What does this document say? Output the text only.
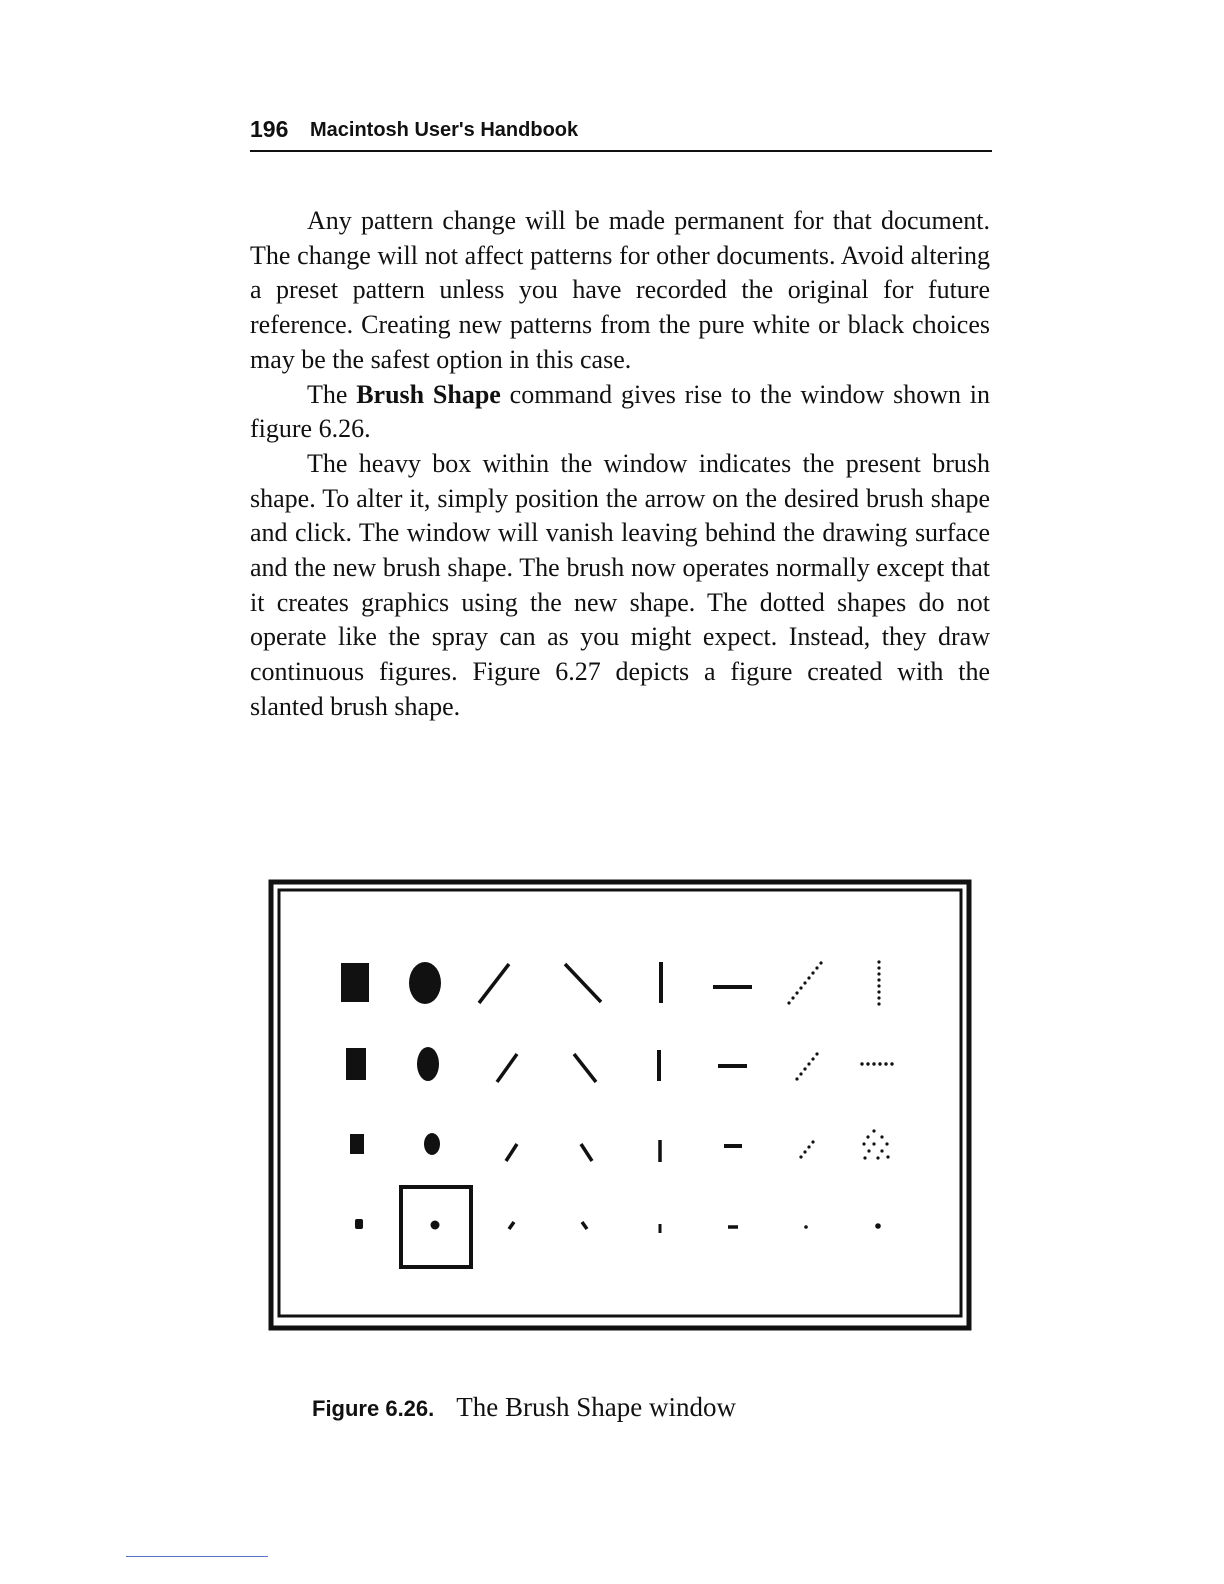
196 Macintosh User's Handbook

Any pattern change will be made permanent for that document. The change will not affect patterns for other documents. Avoid altering a preset pattern unless you have recorded the original for future reference. Creating new patterns from the pure white or black choices may be the safest option in this case.

The Brush Shape command gives rise to the window shown in figure 6.26.

The heavy box within the window indicates the present brush shape. To alter it, simply position the arrow on the desired brush shape and click. The window will vanish leaving behind the drawing surface and the new brush shape. The brush now operates normally except that it creates graphics using the new shape. The dotted shapes do not operate like the spray can as you might expect. Instead, they draw continuous figures. Figure 6.27 depicts a figure created with the slanted brush shape.

Figure 6.26. The Brush Shape window
